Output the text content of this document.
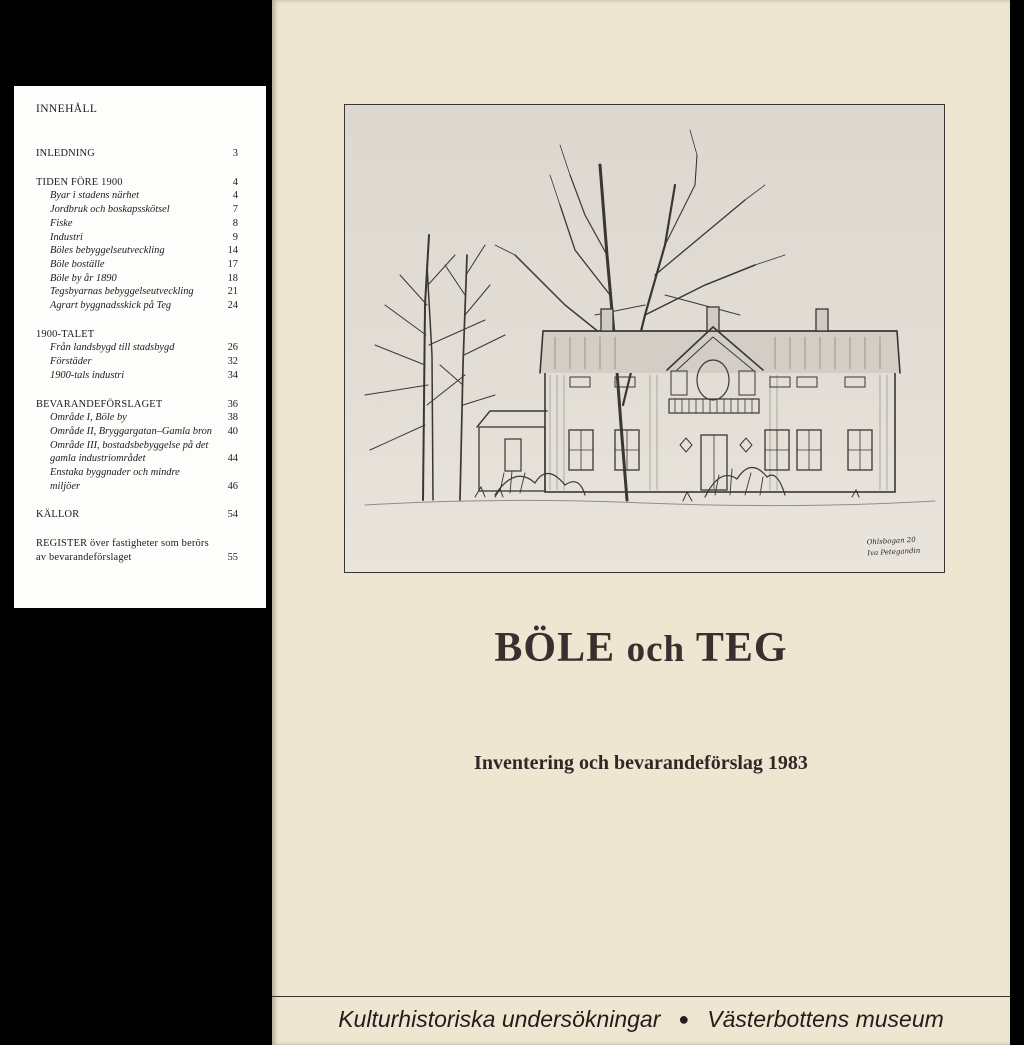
INNEHÅLL
INLEDNING	3
TIDEN FÖRE 1900	4
Byar i stadens närhet	4
Jordbruk och boskapsskötsel	7
Fiske	8
Industri	9
Böles bebyggelseutveckling	14
Böle boställe	17
Böle by år 1890	18
Tegsbyarnas bebyggelseutveckling	21
Agrart byggnadsskick på Teg	24
1900-TALET
Från landsbygd till stadsbygd	26
Förstäder	32
1900-tals industri	34
BEVARANDEFÖRSLAGET	36
Område I, Böle by	38
Område II, Bryggargatan–Gamla bron	40
Område III, bostadsbebyggelse på det gamla industriområdet	44
Enstaka byggnader och mindre miljöer	46
KÄLLOR	54
REGISTER över fastigheter som berörs av bevarandeförslaget	55
Ohlsbogan 20
Iva Petegandin
BÖLE och TEG
Inventering och bevarandeförslag 1983
Kulturhistoriska undersökningar ● Västerbottens museum
